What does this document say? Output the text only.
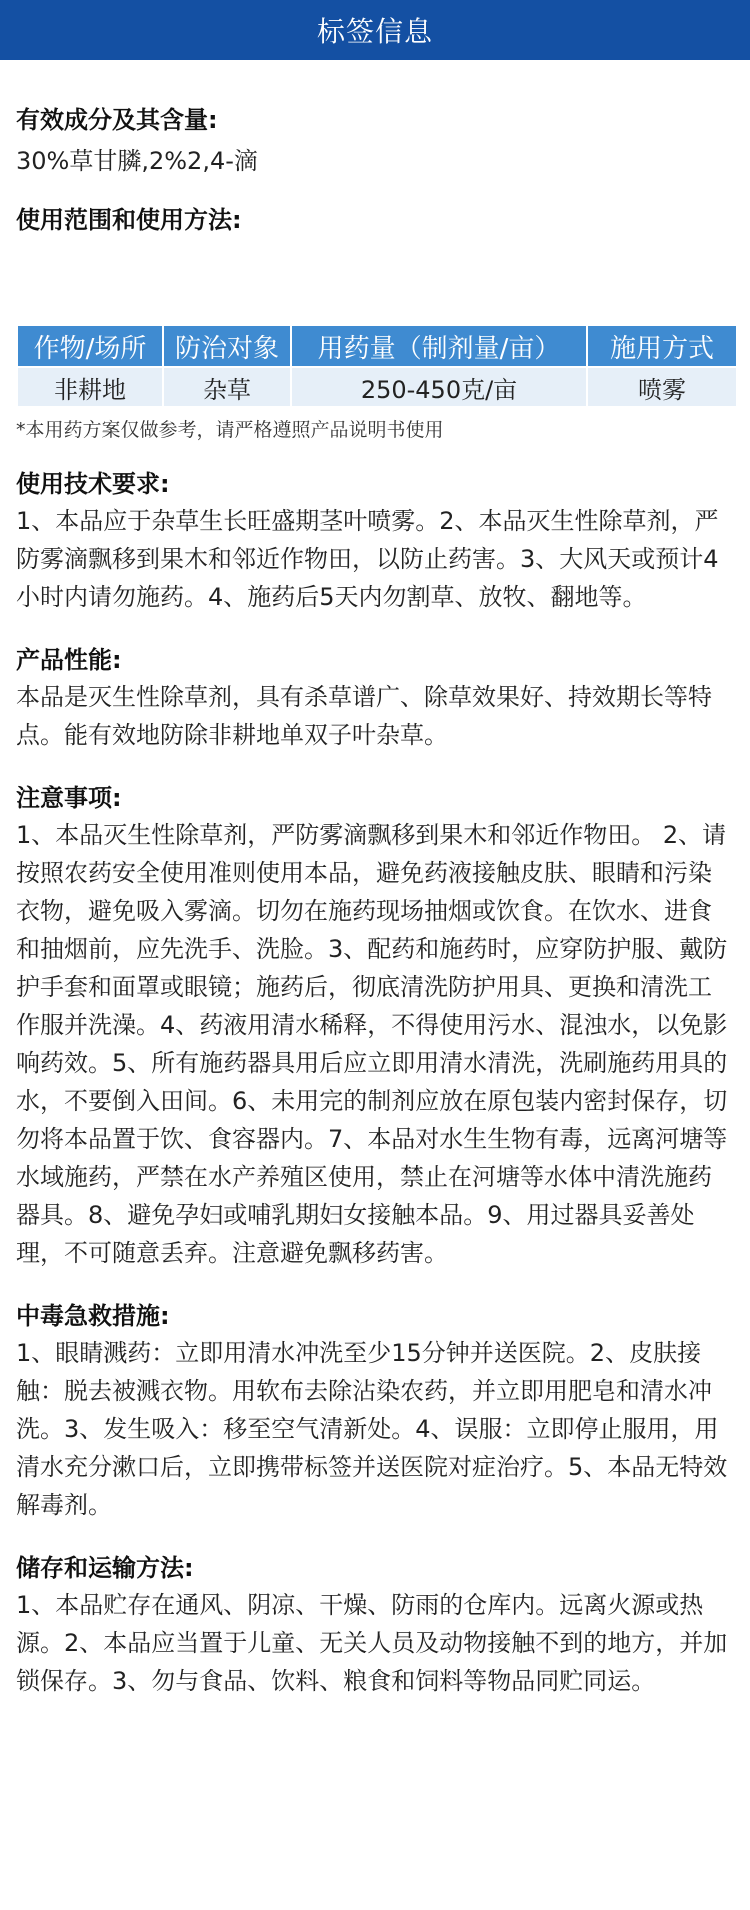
标签信息
有效成分及其含量:
30%草甘膦,2%2,4-滴
使用范围和使用方法:
作物/场所	防治对象	用药量（制剂量/亩）	施用方式
非耕地	杂草	250-450克/亩	喷雾
*本用药方案仅做参考，请严格遵照产品说明书使用
使用技术要求:
1、本品应于杂草生长旺盛期茎叶喷雾。2、本品灭生性除草剂，严防雾滴飘移到果木和邻近作物田，以防止药害。3、大风天或预计4小时内请勿施药。4、施药后5天内勿割草、放牧、翻地等。
产品性能:
本品是灭生性除草剂，具有杀草谱广、除草效果好、持效期长等特点。能有效地防除非耕地单双子叶杂草。
注意事项:
1、本品灭生性除草剂，严防雾滴飘移到果木和邻近作物田。 2、请按照农药安全使用准则使用本品，避免药液接触皮肤、眼睛和污染衣物，避免吸入雾滴。切勿在施药现场抽烟或饮食。在饮水、进食和抽烟前，应先洗手、洗脸。3、配药和施药时，应穿防护服、戴防护手套和面罩或眼镜；施药后，彻底清洗防护用具、更换和清洗工作服并洗澡。4、药液用清水稀释，不得使用污水、混浊水，以免影响药效。5、所有施药器具用后应立即用清水清洗，洗刷施药用具的水，不要倒入田间。6、未用完的制剂应放在原包装内密封保存，切勿将本品置于饮、食容器内。7、本品对水生生物有毒，远离河塘等水域施药，严禁在水产养殖区使用，禁止在河塘等水体中清洗施药器具。8、避免孕妇或哺乳期妇女接触本品。9、用过器具妥善处理，不可随意丢弃。注意避免飘移药害。
中毒急救措施:
1、眼睛溅药：立即用清水冲洗至少15分钟并送医院。2、皮肤接触：脱去被溅衣物。用软布去除沾染农药，并立即用肥皂和清水冲洗。3、发生吸入：移至空气清新处。4、误服：立即停止服用，用清水充分漱口后，立即携带标签并送医院对症治疗。5、本品无特效解毒剂。
储存和运输方法:
1、本品贮存在通风、阴凉、干燥、防雨的仓库内。远离火源或热源。2、本品应当置于儿童、无关人员及动物接触不到的地方，并加锁保存。3、勿与食品、饮料、粮食和饲料等物品同贮同运。
